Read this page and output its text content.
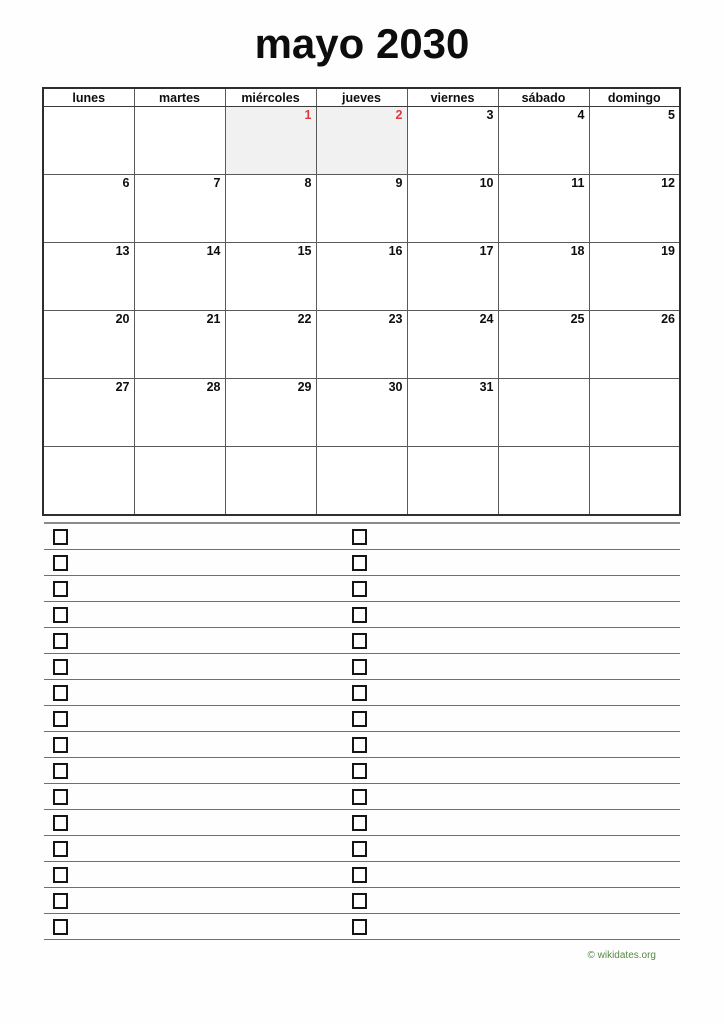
mayo 2030
lunes	martes	miércoles	jueves	viernes	sábado	domingo
		1	2	3	4	5
6	7	8	9	10	11	12
13	14	15	16	17	18	19
20	21	22	23	24	25	26
27	28	29	30	31		

© wikidates.org
